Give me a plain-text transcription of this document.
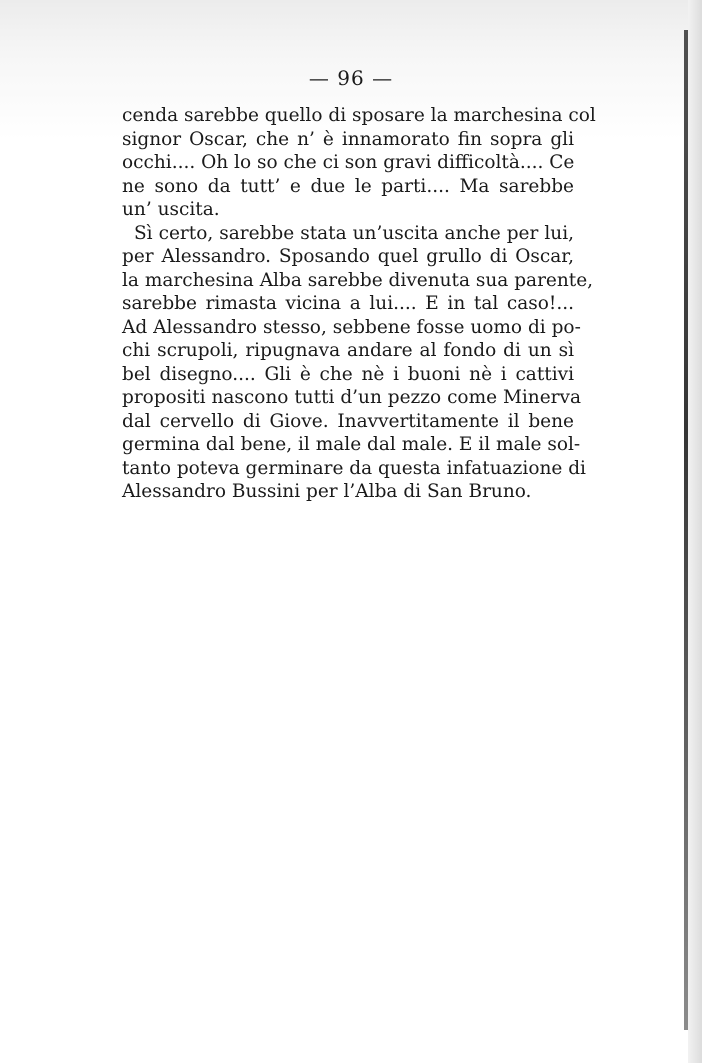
— 96 —
cenda sarebbe quello di sposare la marchesina col
signor Oscar, che n’ è innamorato fin sopra gli
occhi.... Oh lo so che ci son gravi difficoltà.... Ce
ne sono da tutt’ e due le parti.... Ma sarebbe
un’ uscita.
Sì certo, sarebbe stata un’uscita anche per lui,
per Alessandro. Sposando quel grullo di Oscar,
la marchesina Alba sarebbe divenuta sua parente,
sarebbe rimasta vicina a lui.... E in tal caso!...
Ad Alessandro stesso, sebbene fosse uomo di po-
chi scrupoli, ripugnava andare al fondo di un sì
bel disegno.... Gli è che nè i buoni nè i cattivi
propositi nascono tutti d’un pezzo come Minerva
dal cervello di Giove. Inavvertitamente il bene
germina dal bene, il male dal male. E il male sol-
tanto poteva germinare da questa infatuazione di
Alessandro Bussini per l’Alba di San Bruno.
